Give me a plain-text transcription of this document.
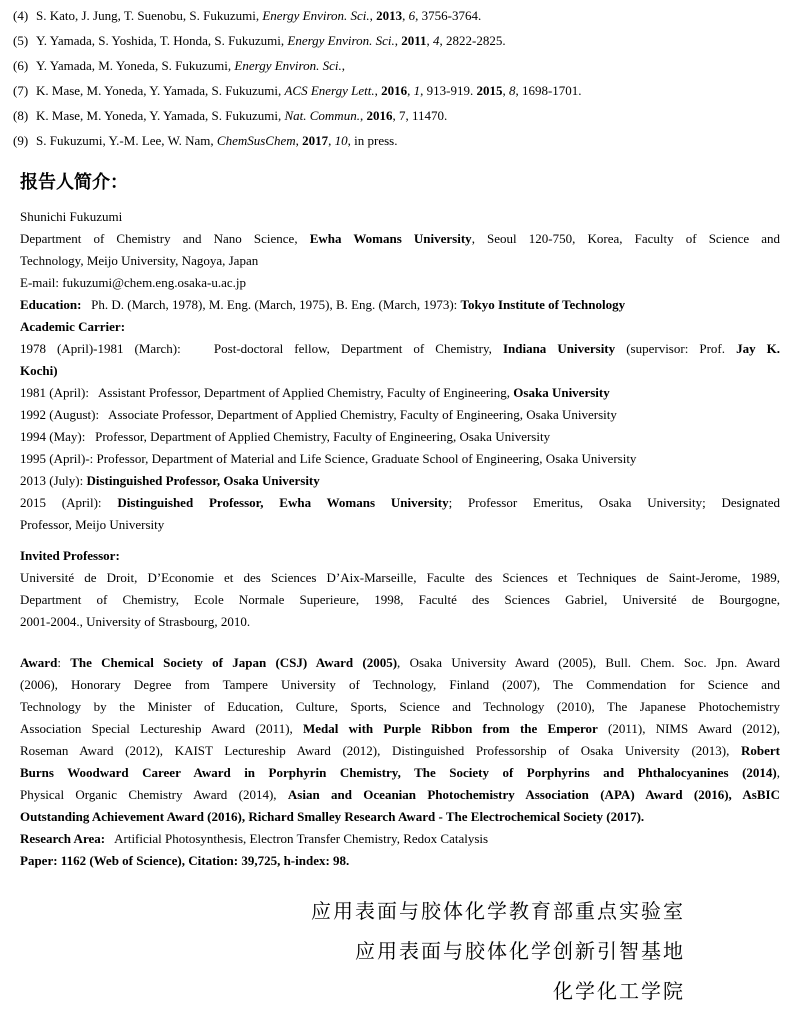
(4) S. Kato, J. Jung, T. Suenobu, S. Fukuzumi, Energy Environ. Sci., 2013, 6, 3756-3764.
(5) Y. Yamada, S. Yoshida, T. Honda, S. Fukuzumi, Energy Environ. Sci., 2011, 4, 2822-2825.
(6) Y. Yamada, M. Yoneda, S. Fukuzumi, Energy Environ. Sci.,
(7) K. Mase, M. Yoneda, Y. Yamada, S. Fukuzumi, ACS Energy Lett., 2016, 1, 913-919. 2015, 8, 1698-1701.
(8) K. Mase, M. Yoneda, Y. Yamada, S. Fukuzumi, Nat. Commun., 2016, 7, 11470.
(9) S. Fukuzumi, Y.-M. Lee, W. Nam, ChemSusChem, 2017, 10, in press.
报告人简介：
Shunichi Fukuzumi
Department of Chemistry and Nano Science, Ewha Womans University, Seoul 120-750, Korea, Faculty of Science and
Technology, Meijo University, Nagoya, Japan
E-mail: fukuzumi@chem.eng.osaka-u.ac.jp
Education:   Ph. D. (March, 1978), M. Eng. (March, 1975), B. Eng. (March, 1973): Tokyo Institute of Technology
Academic Carrier:
1978 (April)-1981 (March):   Post-doctoral fellow, Department of Chemistry, Indiana University (supervisor: Prof. Jay K.
Kochi)
1981 (April):   Assistant Professor, Department of Applied Chemistry, Faculty of Engineering, Osaka University
1992 (August):   Associate Professor, Department of Applied Chemistry, Faculty of Engineering, Osaka University
1994 (May):   Professor, Department of Applied Chemistry, Faculty of Engineering, Osaka University
1995 (April)-: Professor, Department of Material and Life Science, Graduate School of Engineering, Osaka University
2013 (July): Distinguished Professor, Osaka University
2015 (April): Distinguished Professor, Ewha Womans University; Professor Emeritus, Osaka University; Designated
Professor, Meijo University
Invited Professor:
Université de Droit, D’Economie et des Sciences D’Aix-Marseille, Faculte des Sciences et Techniques de Saint-Jerome, 1989,
Department of Chemistry, Ecole Normale Superieure, 1998, Faculté des Sciences Gabriel, Université de Bourgogne,
2001-2004., University of Strasbourg, 2010.
Award: The Chemical Society of Japan (CSJ) Award (2005), Osaka University Award (2005), Bull. Chem. Soc. Jpn. Award
(2006), Honorary Degree from Tampere University of Technology, Finland (2007), The Commendation for Science and
Technology by the Minister of Education, Culture, Sports, Science and Technology (2010), The Japanese Photochemistry
Association Special Lectureship Award (2011), Medal with Purple Ribbon from the Emperor (2011), NIMS Award (2012),
Roseman Award (2012), KAIST Lectureship Award (2012), Distinguished Professorship of Osaka University (2013), Robert
Burns Woodward Career Award in Porphyrin Chemistry, The Society of Porphyrins and Phthalocyanines (2014),
Physical Organic Chemistry Award (2014), Asian and Oceanian Photochemistry Association (APA) Award (2016), AsBIC
Outstanding Achievement Award (2016), Richard Smalley Research Award - The Electrochemical Society (2017).
Research Area:   Artificial Photosynthesis, Electron Transfer Chemistry, Redox Catalysis
Paper: 1162 (Web of Science), Citation: 39,725, h-index: 98.
应用表面与胶体化学教育部重点实验室
应用表面与胶体化学创新引智基地
化学化工学院
